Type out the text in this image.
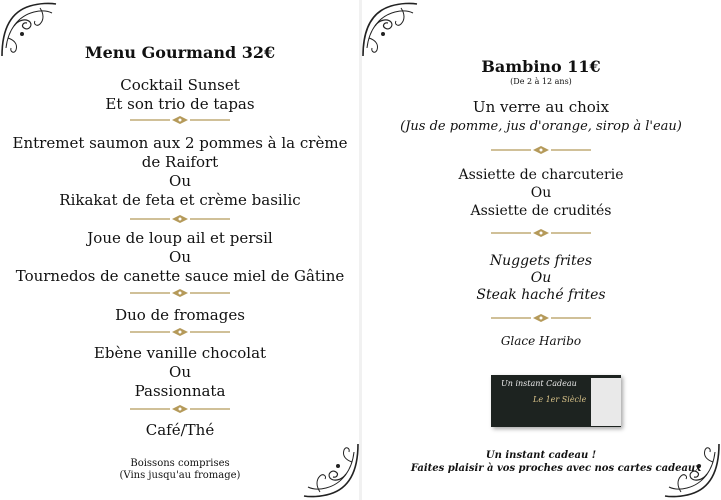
Menu Gourmand 32€
Cocktail Sunset
Et son trio de tapas
Entremet saumon aux 2 pommes à la crème
de Raifort
Ou
Rikakat de feta et crème basilic
Joue de loup ail et persil
Ou
Tournedos de canette sauce miel de Gâtine
Duo de fromages
Ebène vanille chocolat
Ou
Passionnata
Café/Thé
Boissons comprises
(Vins jusqu'au fromage)
Bambino 11€
(De 2 à 12 ans)
Un verre au choix
(Jus de pomme, jus d'orange, sirop à l'eau)
Assiette de charcuterie
Ou
Assiette de crudités
Nuggets frites
Ou
Steak haché frites
Glace Haribo
Un instant Cadeau
Le 1er Siècle
Un instant cadeau !
Faites plaisir à vos proches avec nos cartes cadeaux
